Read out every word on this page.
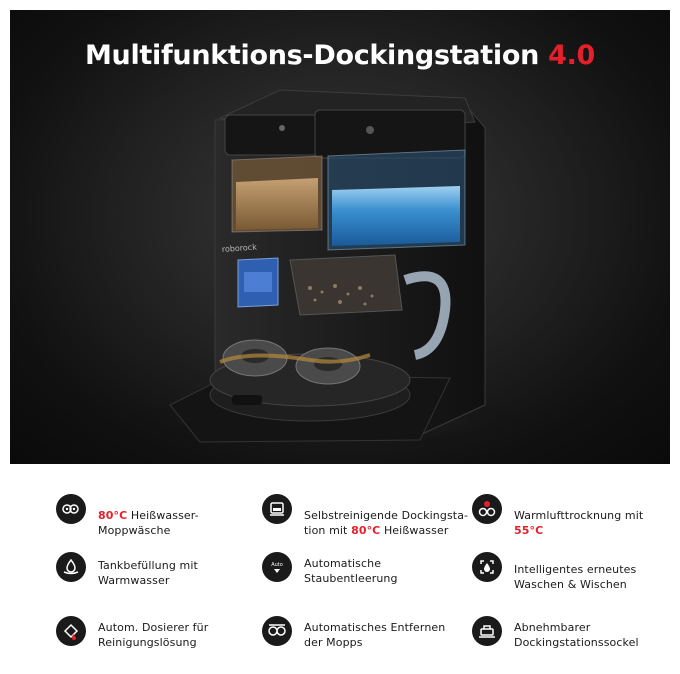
roborock
Multifunktions-Dockingstation 4.0
80°C Heißwasser-
Moppwäsche
Selbstreinigende Dockingsta-
tion mit 80°C Heißwasser
Warmlufttrocknung mit
55°C
Tankbefüllung mit
Warmwasser
Auto Automatische
Staubentleerung
Intelligentes erneutes
Waschen & Wischen
Autom. Dosierer für
Reinigungslösung
Automatisches Entfernen
der Mopps
Abnehmbarer
Dockingstationssockel
